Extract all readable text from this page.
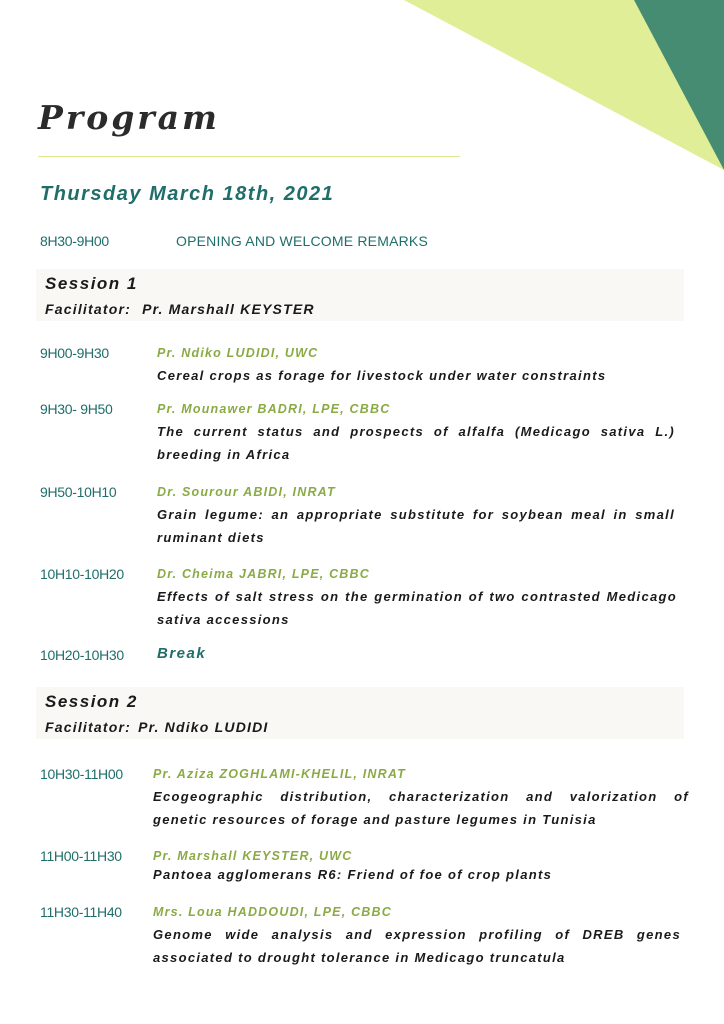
Program
Thursday March 18th, 2021
8H30-9H00	OPENING AND WELCOME REMARKS
Session 1
Facilitator: Pr. Marshall KEYSTER
9H00-9H30	Pr. Ndiko LUDIDI, UWC

Cereal crops as forage for livestock under water constraints

9H30- 9H50	Pr. Mounawer BADRI, LPE, CBBC

The current status and prospects of alfalfa (Medicago sativa L.) breeding in Africa

9H50-10H10	Dr. Sourour ABIDI, INRAT

Grain legume: an appropriate substitute for soybean meal in small ruminant diets

10H10-10H20	Dr. Cheima JABRI, LPE, CBBC

Effects of salt stress on the germination of two contrasted Medicago sativa accessions

10H20-10H30 Break
Session 2
Facilitator: Pr. Ndiko LUDIDI
10H30-11H00 Pr. Aziza ZOGHLAMI-KHELIL, INRAT

Ecogeographic distribution, characterization and valorization of genetic resources of forage and pasture legumes in Tunisia

11H00-11H30 Pr. Marshall KEYSTER, UWC

Pantoea agglomerans R6: Friend of foe of crop plants

11H30-11H40 Mrs. Loua HADDOUDI, LPE, CBBC

Genome wide analysis and expression profiling of DREB genes associated to drought tolerance in Medicago truncatula
